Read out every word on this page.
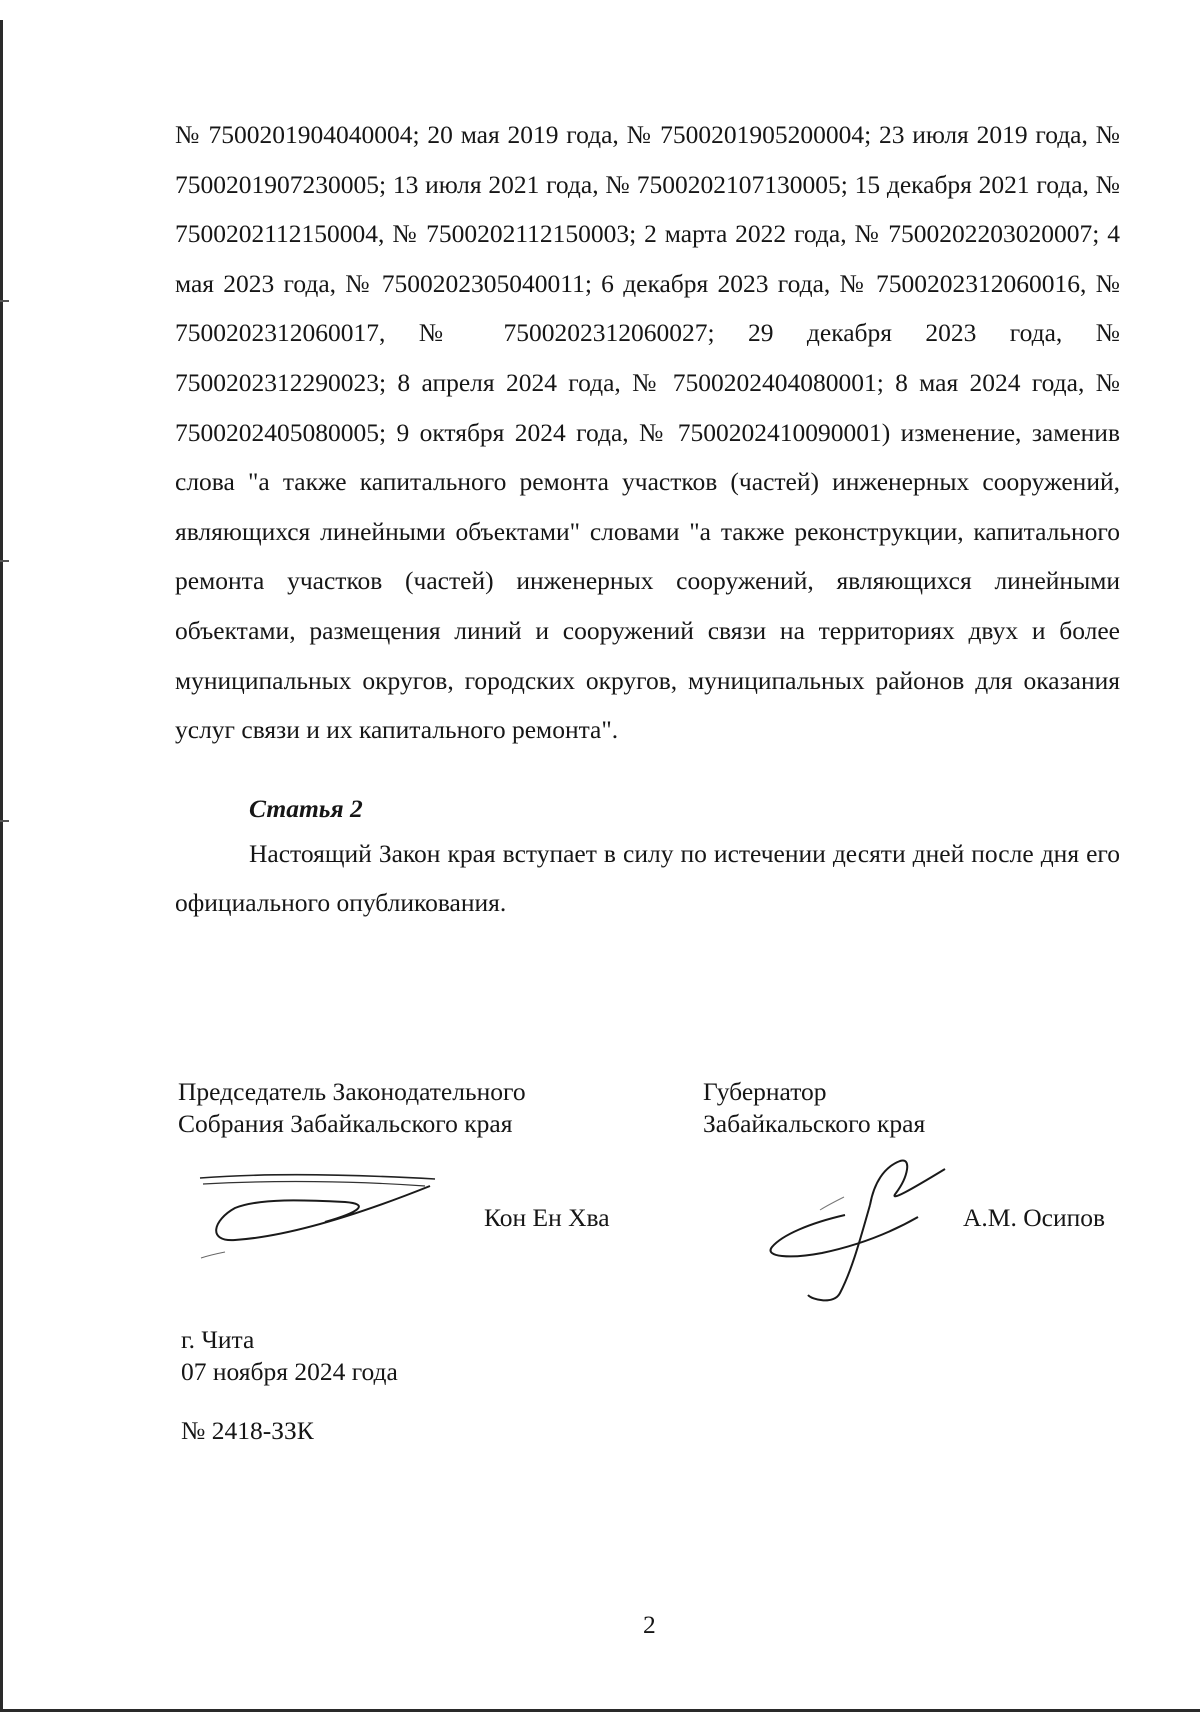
№ 7500201904040004; 20 мая 2019 года, № 7500201905200004; 23 июля 2019 года, № 7500201907230005; 13 июля 2021 года, № 7500202107130005; 15 декабря 2021 года, № 7500202112150004, № 7500202112150003; 2 марта 2022 года, № 7500202203020007; 4 мая 2023 года, № 7500202305040011; 6 декабря 2023 года, № 7500202312060016, № 7500202312060017, № 7500202312060027; 29 декабря 2023 года, № 7500202312290023; 8 апреля 2024 года, № 7500202404080001; 8 мая 2024 года, № 7500202405080005; 9 октября 2024 года, № 7500202410090001) изменение, заменив слова "а также капитального ремонта участков (частей) инженерных сооружений, являющихся линейными объектами" словами "а также реконструкции, капитального ремонта участков (частей) инженерных сооружений, являющихся линейными объектами, размещения линий и сооружений связи на территориях двух и более муниципальных округов, городских округов, муниципальных районов для оказания услуг связи и их капитального ремонта".

Статья 2

Настоящий Закон края вступает в силу по истечении десяти дней после дня его официального опубликования.

Председатель Законодательного
Собрания Забайкальского края
Губернатор
Забайкальского края
Кон Ен Хва	А.М. Осипов
г. Чита
07 ноября 2024 года
№ 2418-ЗЗК
2
